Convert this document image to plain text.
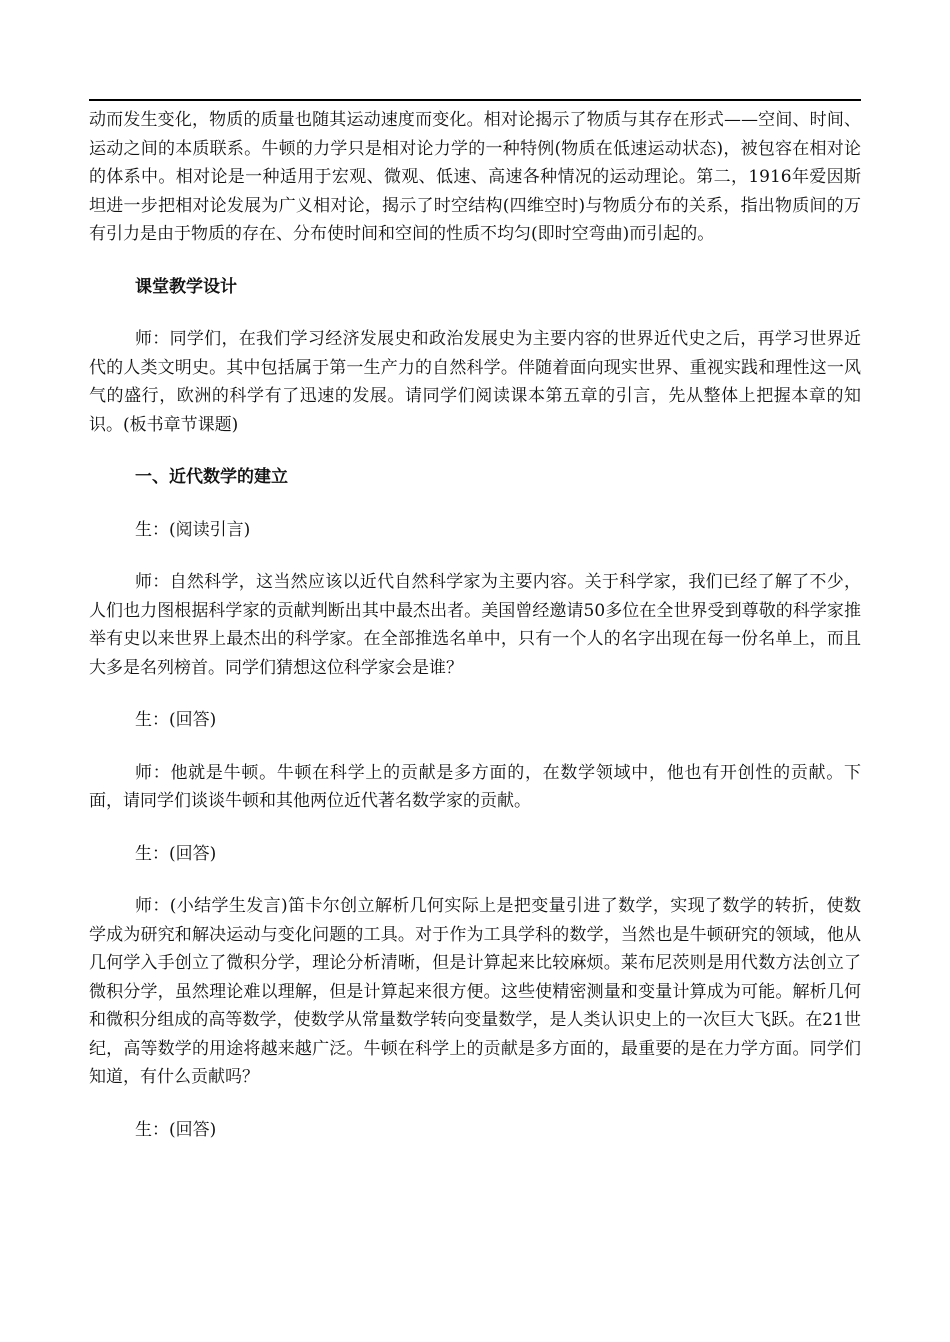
动而发生变化，物质的质量也随其运动速度而变化。相对论揭示了物质与其存在形式——空间、时间、运动之间的本质联系。牛顿的力学只是相对论力学的一种特例(物质在低速运动状态)，被包容在相对论的体系中。相对论是一种适用于宏观、微观、低速、高速各种情况的运动理论。第二，1916年爱因斯坦进一步把相对论发展为广义相对论，揭示了时空结构(四维空时)与物质分布的关系，指出物质间的万有引力是由于物质的存在、分布使时间和空间的性质不均匀(即时空弯曲)而引起的。

课堂教学设计

师：同学们，在我们学习经济发展史和政治发展史为主要内容的世界近代史之后，再学习世界近代的人类文明史。其中包括属于第一生产力的自然科学。伴随着面向现实世界、重视实践和理性这一风气的盛行，欧洲的科学有了迅速的发展。请同学们阅读课本第五章的引言，先从整体上把握本章的知识。(板书章节课题)

一、近代数学的建立

生：(阅读引言)

师：自然科学，这当然应该以近代自然科学家为主要内容。关于科学家，我们已经了解了不少，人们也力图根据科学家的贡献判断出其中最杰出者。美国曾经邀请50多位在全世界受到尊敬的科学家推举有史以来世界上最杰出的科学家。在全部推选名单中，只有一个人的名字出现在每一份名单上，而且大多是名列榜首。同学们猜想这位科学家会是谁？

生：(回答)

师：他就是牛顿。牛顿在科学上的贡献是多方面的，在数学领域中，他也有开创性的贡献。下面，请同学们谈谈牛顿和其他两位近代著名数学家的贡献。

生：(回答)

师：(小结学生发言)笛卡尔创立解析几何实际上是把变量引进了数学，实现了数学的转折，使数学成为研究和解决运动与变化问题的工具。对于作为工具学科的数学，当然也是牛顿研究的领域，他从几何学入手创立了微积分学，理论分析清晰，但是计算起来比较麻烦。莱布尼茨则是用代数方法创立了微积分学，虽然理论难以理解，但是计算起来很方便。这些使精密测量和变量计算成为可能。解析几何和微积分组成的高等数学，使数学从常量数学转向变量数学，是人类认识史上的一次巨大飞跃。在21世纪，高等数学的用途将越来越广泛。牛顿在科学上的贡献是多方面的，最重要的是在力学方面。同学们知道，有什么贡献吗？

生：(回答)
